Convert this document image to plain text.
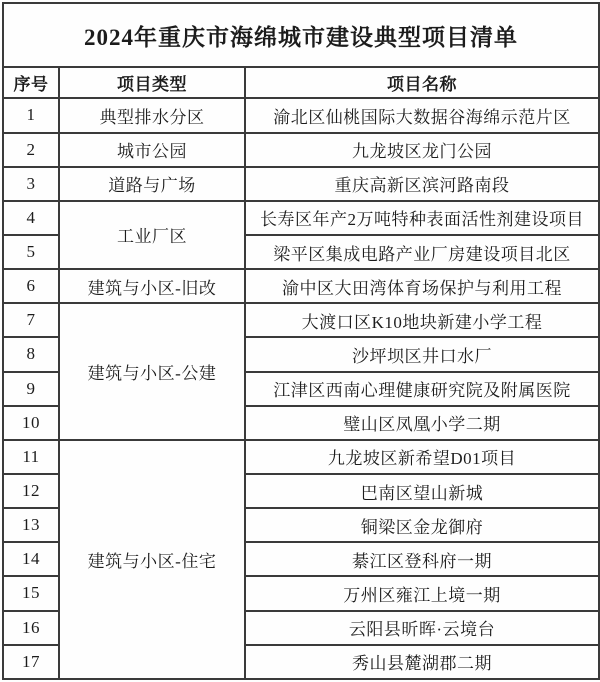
2024年重庆市海绵城市建设典型项目清单		
序号	项目类型	项目名称
1	典型排水分区	渝北区仙桃国际大数据谷海绵示范片区
2	城市公园	九龙坡区龙门公园
3	道路与广场	重庆高新区滨河路南段
4	工业厂区	长寿区年产2万吨特种表面活性剂建设项目
5		梁平区集成电路产业厂房建设项目北区
6	建筑与小区-旧改	渝中区大田湾体育场保护与利用工程
7	建筑与小区-公建	大渡口区K10地块新建小学工程
8		沙坪坝区井口水厂
9		江津区西南心理健康研究院及附属医院
10		璧山区凤凰小学二期
11	建筑与小区-住宅	九龙坡区新希望D01项目
12		巴南区望山新城
13		铜梁区金龙御府
14		綦江区登科府一期
15		万州区雍江上境一期
16		云阳县昕晖·云境台
17		秀山县麓湖郡二期
